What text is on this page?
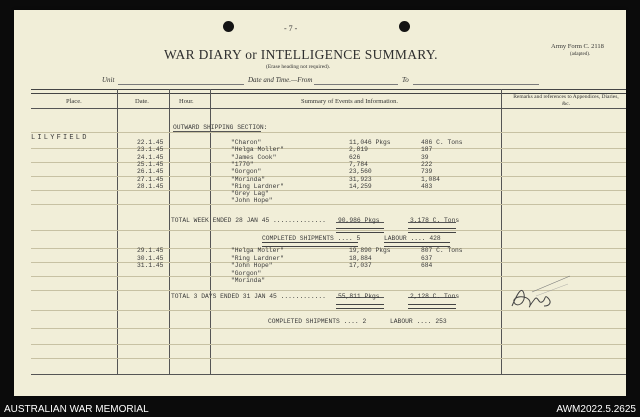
- 7 -
WAR DIARY or INTELLIGENCE SUMMARY.
(Erase heading not required).
Army Form C. 2118
(adapted).
Unit	Date and Time.—From	To
Place.	Date.	Hour.	Summary of Events and Information.
Remarks and references to Appendices, Diaries, &c.
LILYFIELD
OUTWARD SHIPPING SECTION:
22.1.45	"Charon"	11,046 Pkgs	486 C. Tons
23.1.45	"Helga Moller"	2,819	187
24.1.45	"James Cook"	626	39
25.1.45	"1770"	7,784	222
26.1.45	"Gorgon"	23,560	739
27.1.45	"Morinda"	31,923	1,084
28.1.45	"Ring Lardner"	14,259	483
"Grey Lag"
"John Hope"
TOTAL WEEK ENDED 28 JAN 45 .............. 90,986 Pkgs	3,178 C. Tons
COMPLETED SHIPMENTS .... 5	LABOUR .... 428
29.1.45	"Helga Moller"	19,890 Pkgs	807 C. Tons
30.1.45	"Ring Lardner"	18,884	637
31.1.45	"John Hope"	17,037	684
"Gorgon"
"Morinda"
TOTAL 3 DAYS ENDED 31 JAN 45 ............ 55,811 Pkgs	2,128 C. Tons
COMPLETED SHIPMENTS .... 2	LABOUR .... 253
AUSTRALIAN WAR MEMORIAL	AWM2022.5.2625
